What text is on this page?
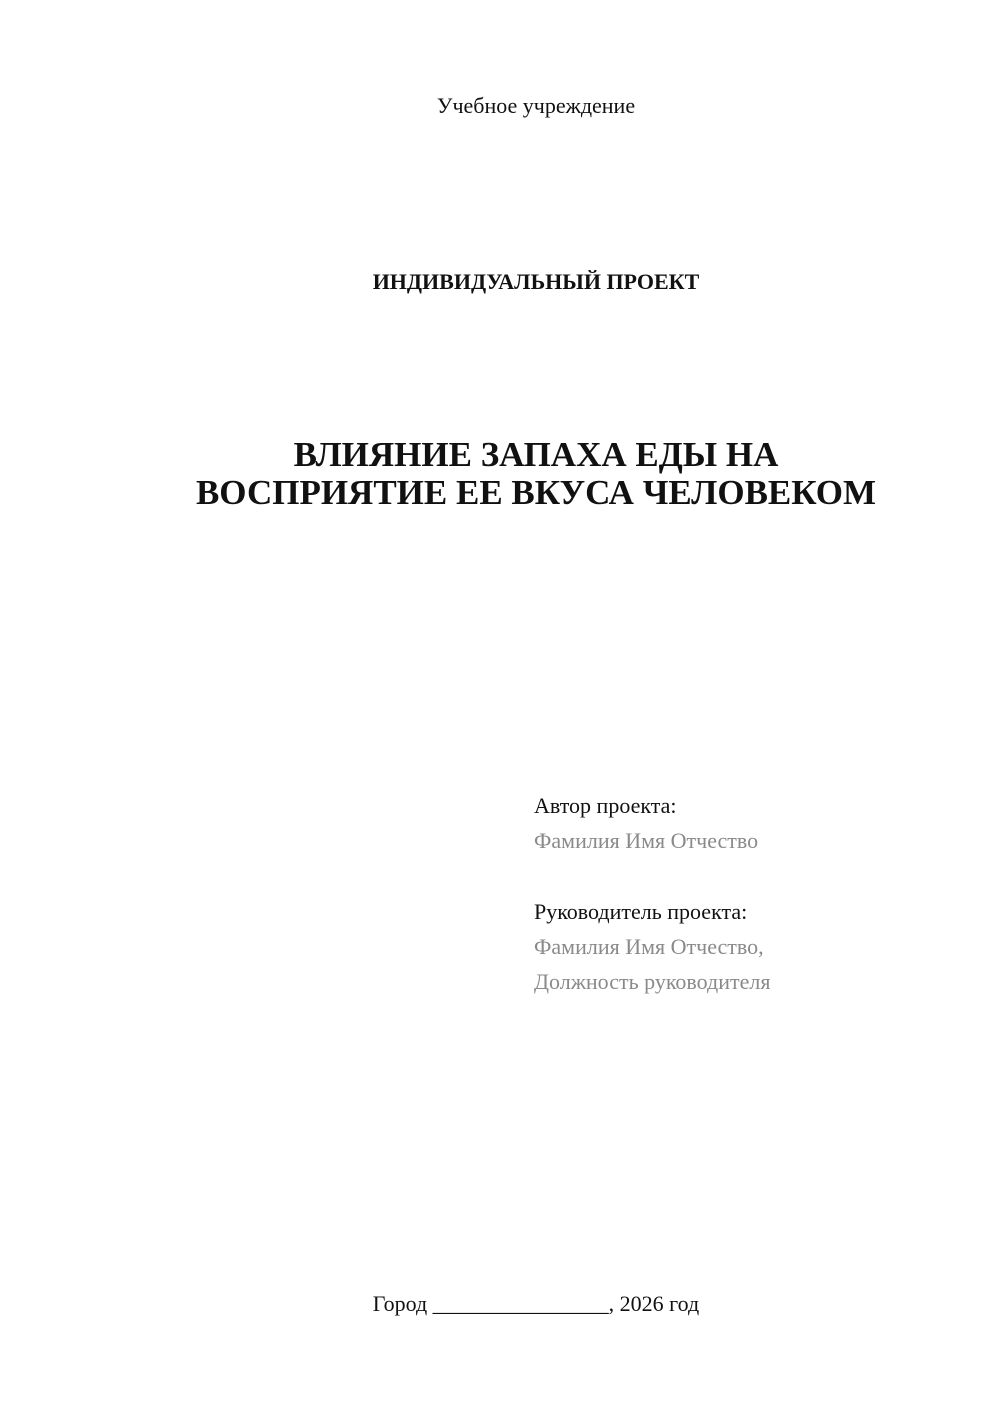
Учебное учреждение
ИНДИВИДУАЛЬНЫЙ ПРОЕКТ
ВЛИЯНИЕ ЗАПАХА ЕДЫ НА
ВОСПРИЯТИЕ ЕЕ ВКУСА ЧЕЛОВЕКОМ
Автор проекта:
Фамилия Имя Отчество
Руководитель проекта:
Фамилия Имя Отчество,
Должность руководителя
Город ________________, 2026 год
